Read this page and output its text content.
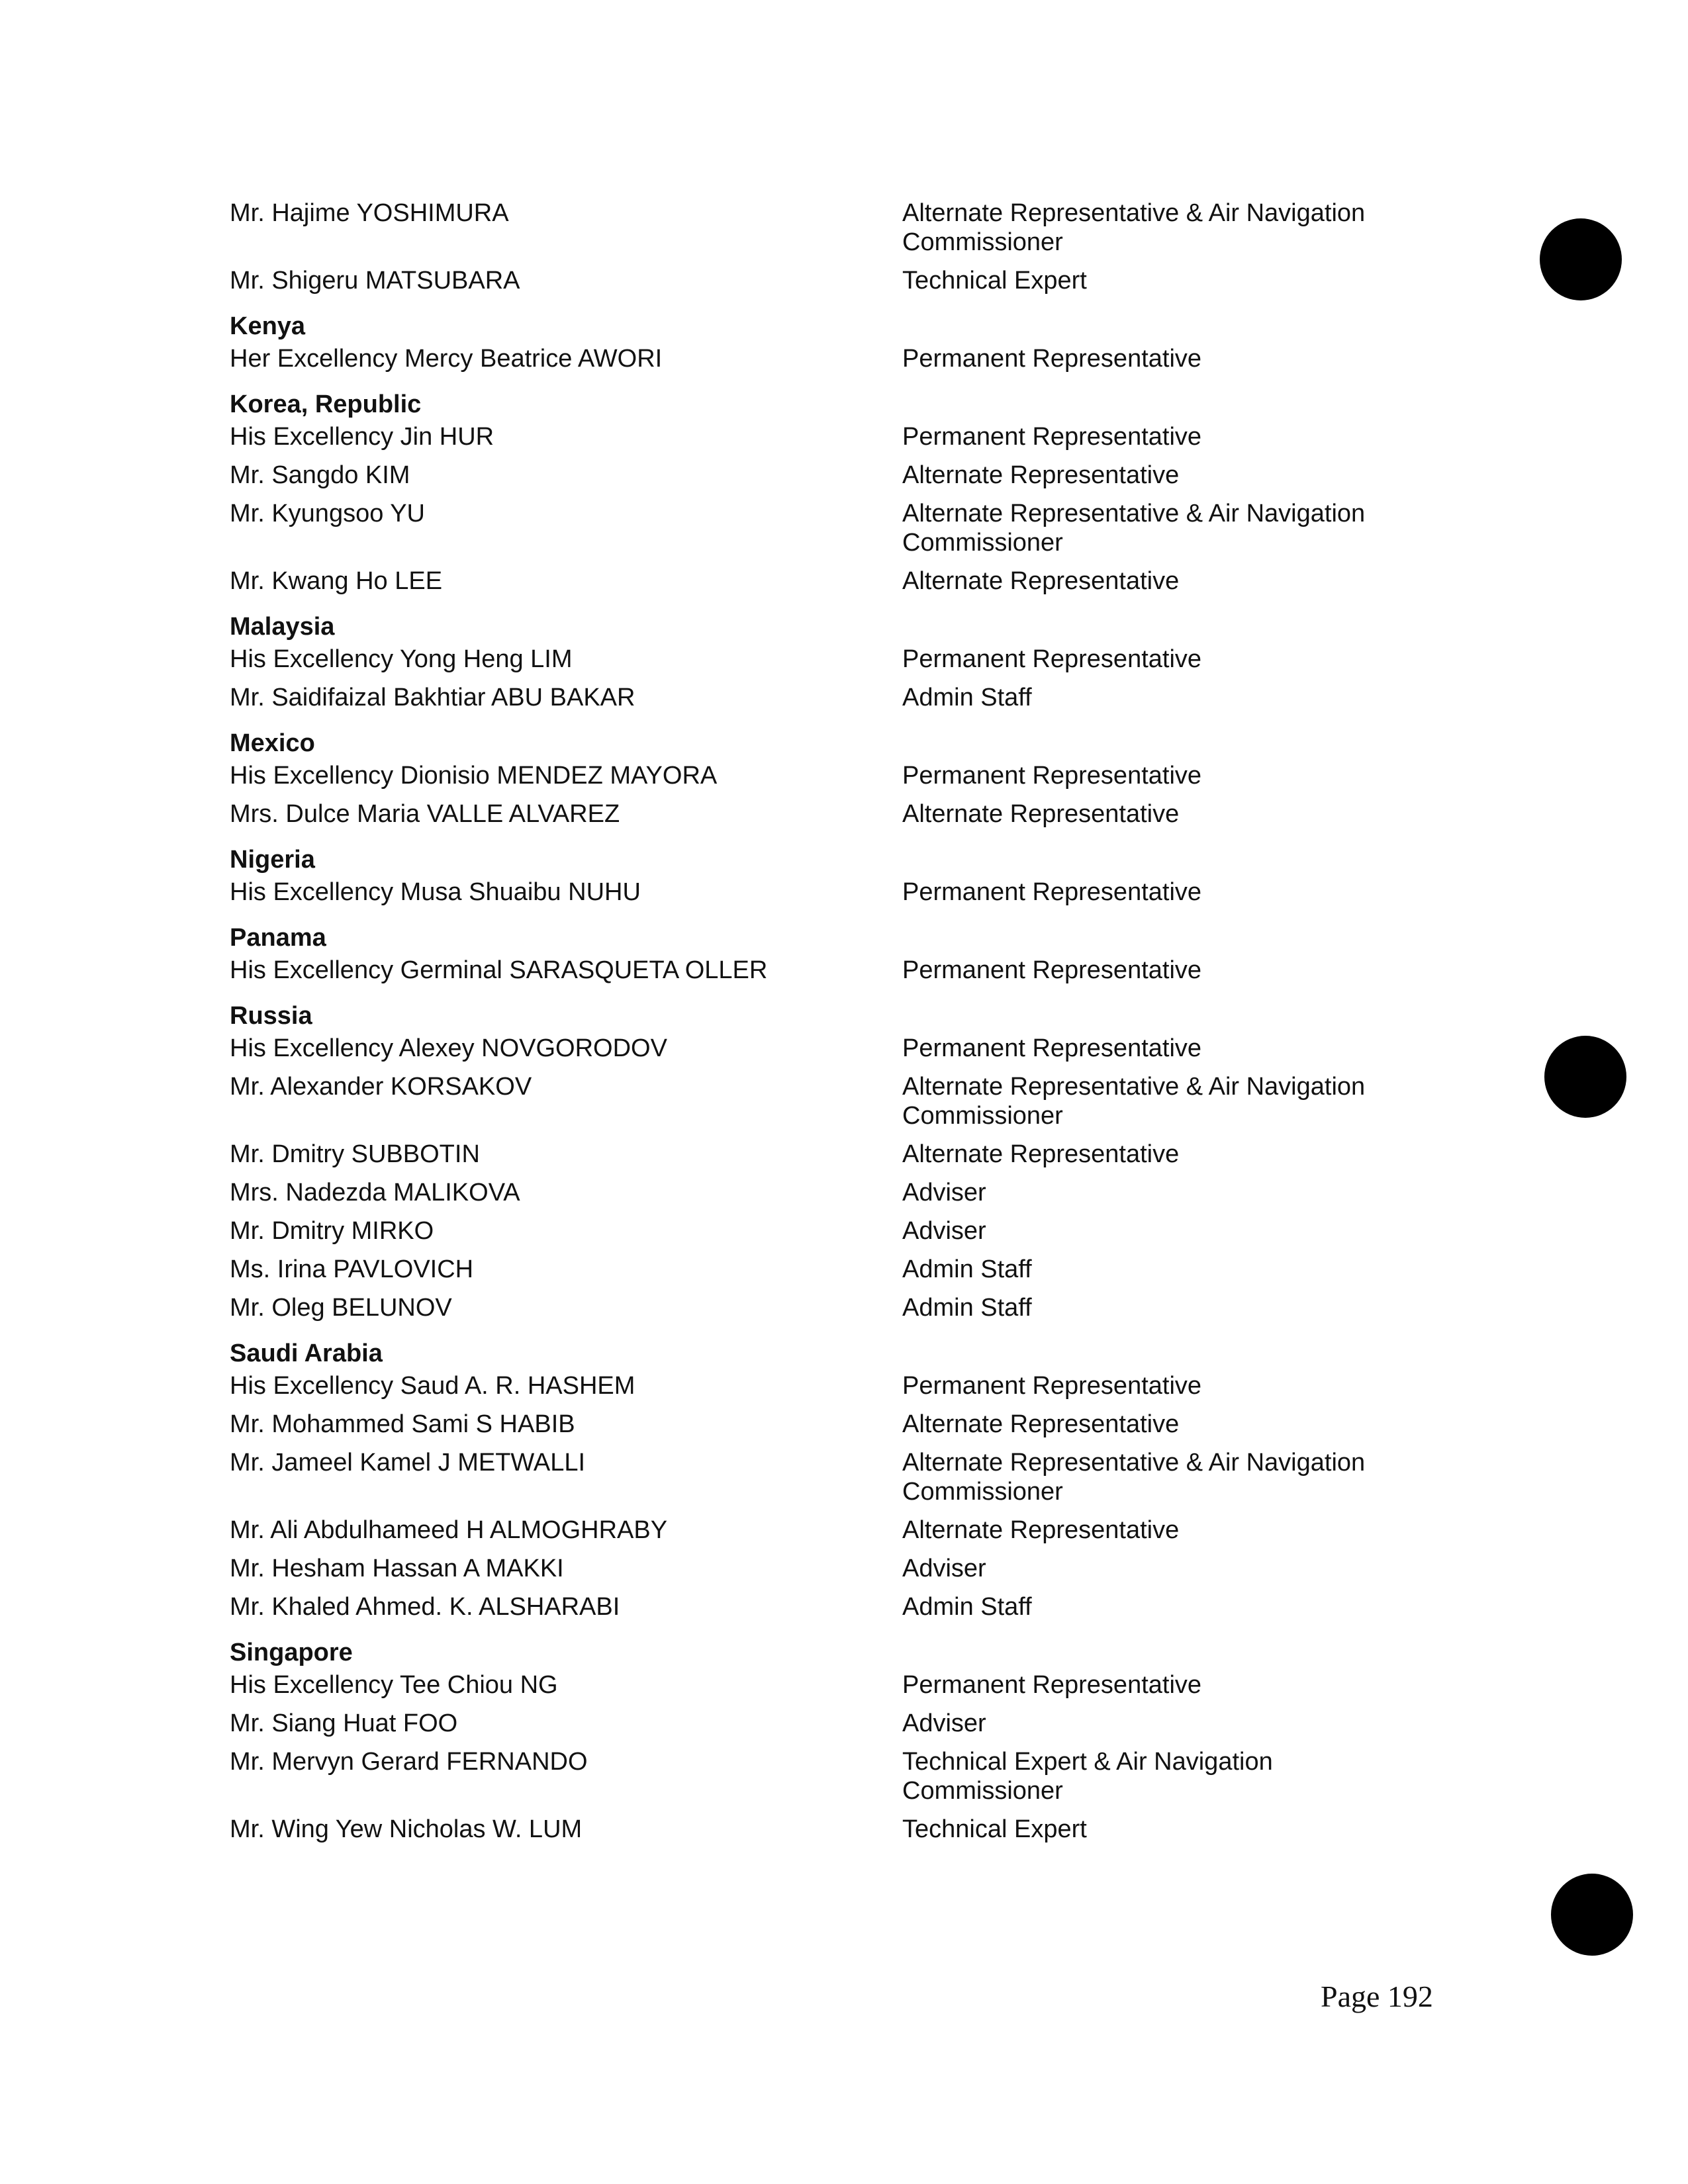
Mr. Hajime YOSHIMURA	Alternate Representative & Air Navigation
Commissioner
Mr. Shigeru MATSUBARA	Technical Expert
Kenya
Her Excellency Mercy Beatrice AWORI	Permanent Representative
Korea, Republic
His Excellency Jin HUR	Permanent Representative
Mr. Sangdo KIM	Alternate Representative
Mr. Kyungsoo YU	Alternate Representative & Air Navigation
Commissioner
Mr. Kwang Ho LEE	Alternate Representative
Malaysia
His Excellency Yong Heng LIM	Permanent Representative
Mr. Saidifaizal Bakhtiar ABU BAKAR	Admin Staff
Mexico
His Excellency Dionisio MENDEZ MAYORA	Permanent Representative
Mrs. Dulce Maria VALLE ALVAREZ	Alternate Representative
Nigeria
His Excellency Musa Shuaibu NUHU	Permanent Representative
Panama
His Excellency Germinal SARASQUETA OLLER	Permanent Representative
Russia
His Excellency Alexey NOVGORODOV	Permanent Representative
Mr. Alexander KORSAKOV	Alternate Representative & Air Navigation
Commissioner
Mr. Dmitry SUBBOTIN	Alternate Representative
Mrs. Nadezda MALIKOVA	Adviser
Mr. Dmitry MIRKO	Adviser
Ms. Irina PAVLOVICH	Admin Staff
Mr. Oleg BELUNOV	Admin Staff
Saudi Arabia
His Excellency Saud A. R. HASHEM	Permanent Representative
Mr. Mohammed Sami S HABIB	Alternate Representative
Mr. Jameel Kamel J METWALLI	Alternate Representative & Air Navigation
Commissioner
Mr. Ali Abdulhameed H ALMOGHRABY	Alternate Representative
Mr. Hesham Hassan A MAKKI	Adviser
Mr. Khaled Ahmed. K. ALSHARABI	Admin Staff
Singapore
His Excellency Tee Chiou NG	Permanent Representative
Mr. Siang Huat FOO	Adviser
Mr. Mervyn Gerard FERNANDO	Technical Expert & Air Navigation
Commissioner
Mr. Wing Yew Nicholas W. LUM	Technical Expert
Page 192
